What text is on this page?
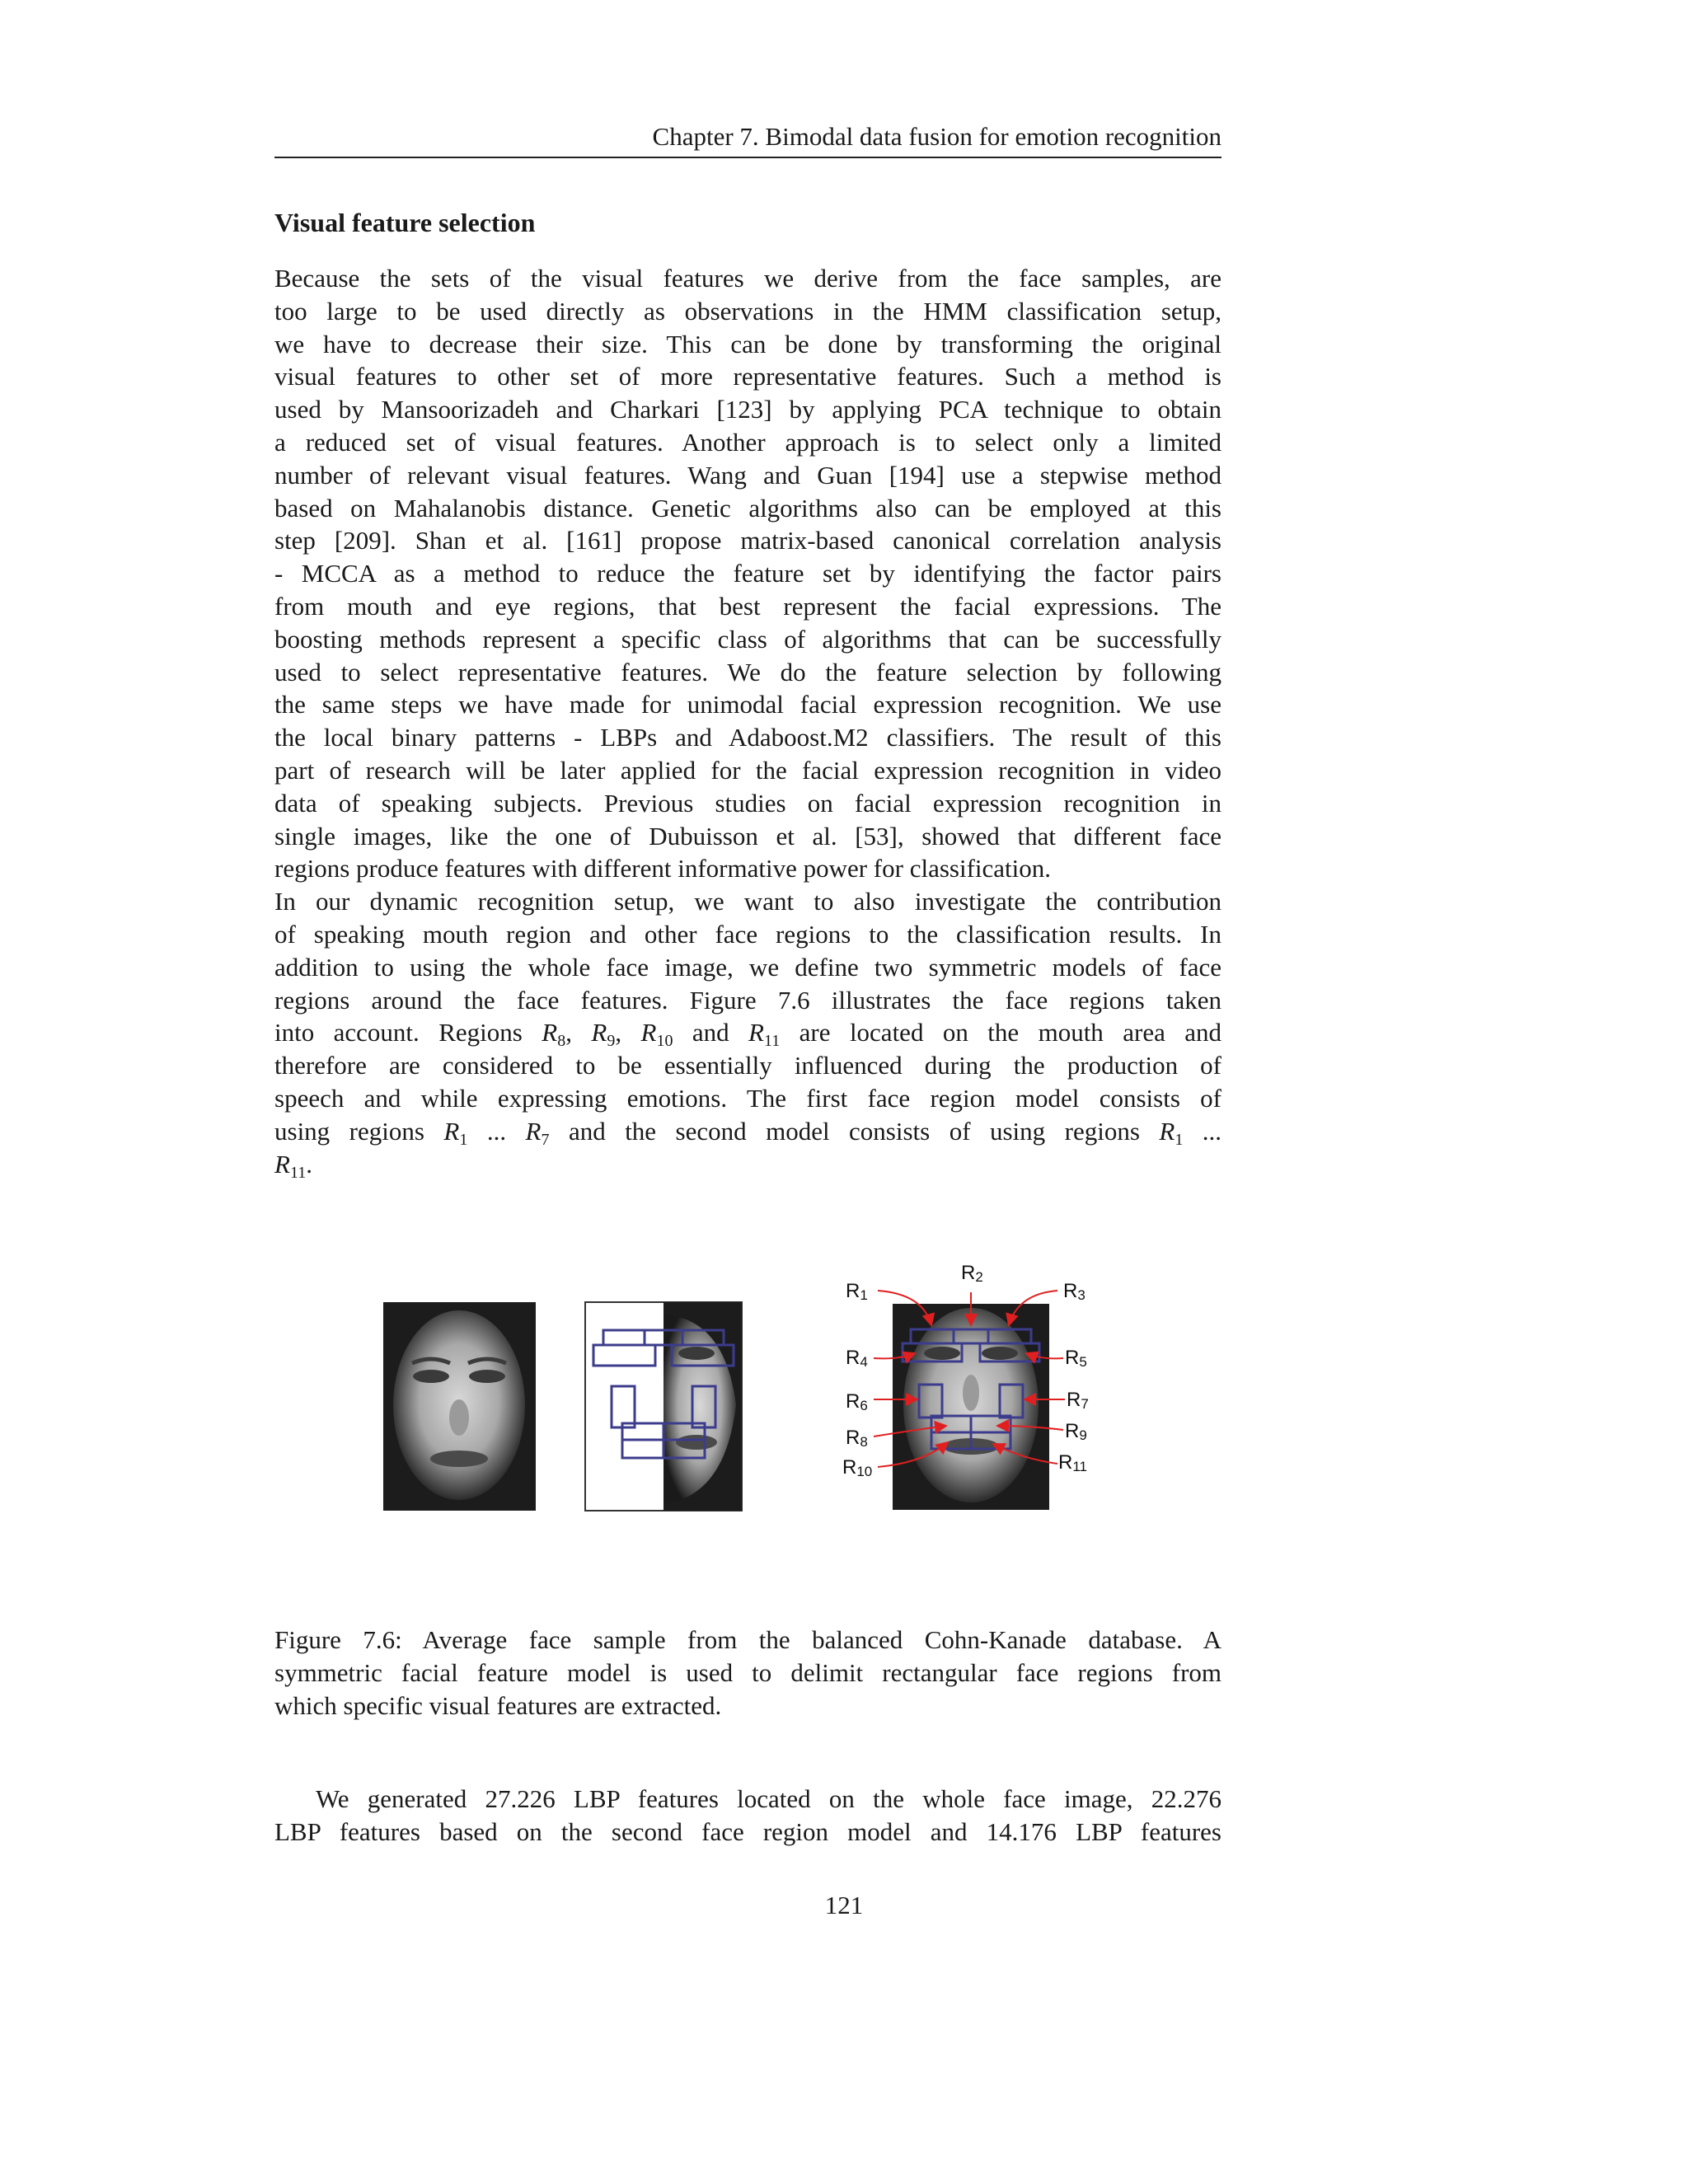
Chapter 7. Bimodal data fusion for emotion recognition
Visual feature selection

Because the sets of the visual features we derive from the face samples, are
too large to be used directly as observations in the HMM classification setup,
we have to decrease their size. This can be done by transforming the original
visual features to other set of more representative features. Such a method is
used by Mansoorizadeh and Charkari [123] by applying PCA technique to obtain
a reduced set of visual features. Another approach is to select only a limited
number of relevant visual features. Wang and Guan [194] use a stepwise method
based on Mahalanobis distance. Genetic algorithms also can be employed at this
step [209]. Shan et al. [161] propose matrix-based canonical correlation analysis
- MCCA as a method to reduce the feature set by identifying the factor pairs
from mouth and eye regions, that best represent the facial expressions. The
boosting methods represent a specific class of algorithms that can be successfully
used to select representative features. We do the feature selection by following
the same steps we have made for unimodal facial expression recognition. We use
the local binary patterns - LBPs and Adaboost.M2 classifiers. The result of this
part of research will be later applied for the facial expression recognition in video
data of speaking subjects. Previous studies on facial expression recognition in
single images, like the one of Dubuisson et al. [53], showed that different face
regions produce features with different informative power for classification.

In our dynamic recognition setup, we want to also investigate the contribution
of speaking mouth region and other face regions to the classification results. In
addition to using the whole face image, we define two symmetric models of face
regions around the face features. Figure 7.6 illustrates the face regions taken
into account. Regions $R_8$, $R_9$, $R_{10}$ and $R_{11}$ are located on the mouth area and
therefore are considered to be essentially influenced during the production of
speech and while expressing emotions. The first face region model consists of
using regions $R_1$ ... $R_7$ and the second model consists of using regions $R_1$ ...
$R_{11}$.

R1
R2
R3
R4	R5
R6	R7
R8	R9
R10	R11
Figure 7.6: Average face sample from the balanced Cohn-Kanade database. A
symmetric facial feature model is used to delimit rectangular face regions from
which specific visual features are extracted.
We generated 27.226 LBP features located on the whole face image, 22.276
LBP features based on the second face region model and 14.176 LBP features
121
